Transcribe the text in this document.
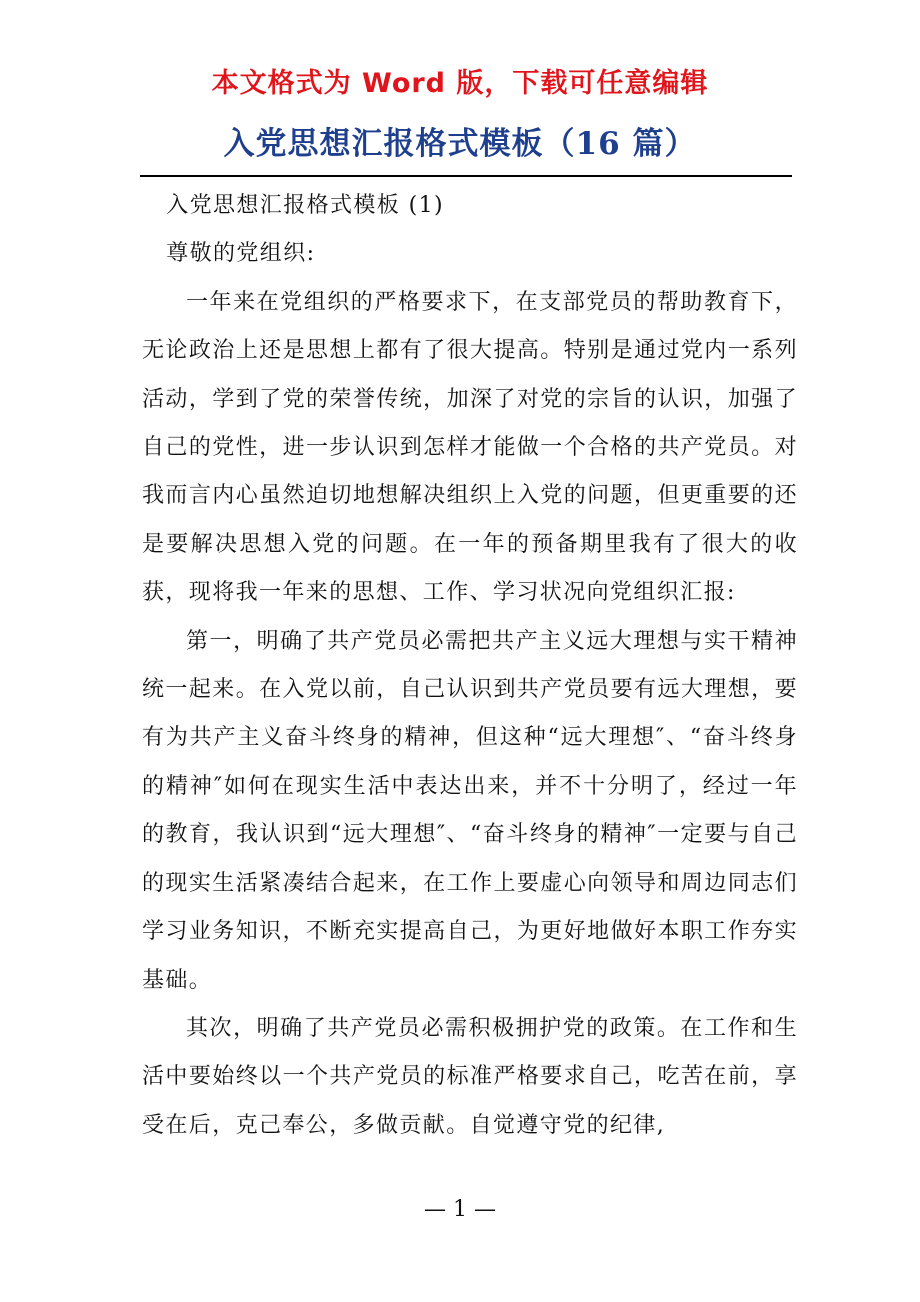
本文格式为 Word 版，下载可任意编辑
入党思想汇报格式模板（16 篇）

入党思想汇报格式模板 (1)

尊敬的党组织:

一年来在党组织的严格要求下，在支部党员的帮助教育下，无论政治上还是思想上都有了很大提高。特别是通过党内一系列活动，学到了党的荣誉传统，加深了对党的宗旨的认识，加强了自己的党性，进一步认识到怎样才能做一个合格的共产党员。对我而言内心虽然迫切地想解决组织上入党的问题，但更重要的还是要解决思想入党的问题。在一年的预备期里我有了很大的收获，现将我一年来的思想、工作、学习状况向党组织汇报:

第一，明确了共产党员必需把共产主义远大理想与实干精神统一起来。在入党以前，自己认识到共产党员要有远大理想，要有为共产主义奋斗终身的精神，但这种“远大理想″、“奋斗终身的精神″如何在现实生活中表达出来，并不十分明了，经过一年的教育，我认识到“远大理想″、“奋斗终身的精神″一定要与自己的现实生活紧凑结合起来，在工作上要虚心向领导和周边同志们学习业务知识，不断充实提高自己，为更好地做好本职工作夯实基础。

其次，明确了共产党员必需积极拥护党的政策。在工作和生活中要始终以一个共产党员的标准严格要求自己，吃苦在前，享受在后，克己奉公，多做贡献。自觉遵守党的纪律,

— 1 —
